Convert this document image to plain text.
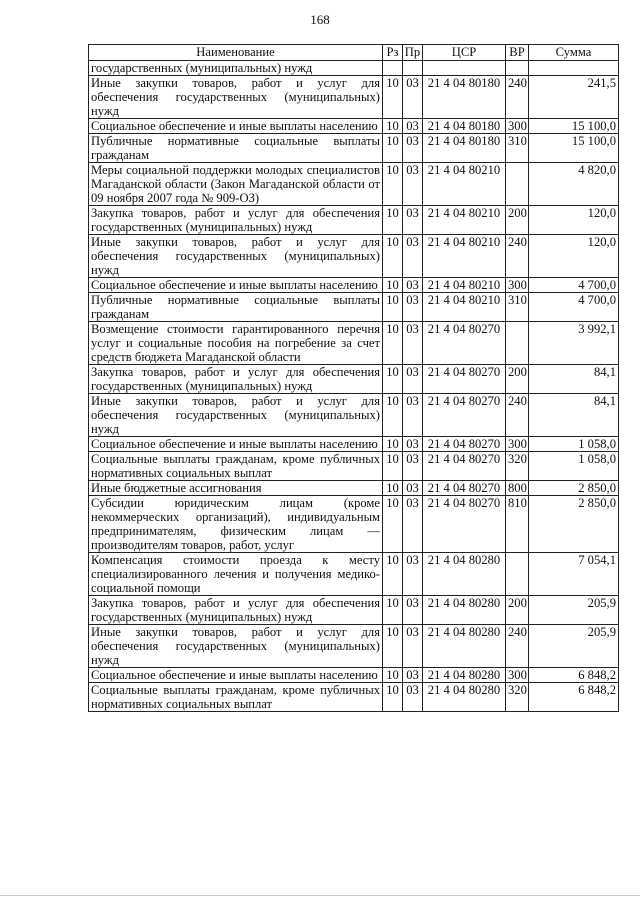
168
Наименование	Рз	Пр	ЦСР	ВР	Сумма
государственных (муниципальных) нужд					
Иные закупки товаров, работ и услуг для обеспечения государственных (муниципальных) нужд	10	03	21 4 04 80180	240	241,5
Социальное обеспечение и иные выплаты населению	10	03	21 4 04 80180	300	15 100,0
Публичные нормативные социальные выплаты гражданам	10	03	21 4 04 80180	310	15 100,0
Меры социальной поддержки молодых специалистов Магаданской области (Закон Магаданской области от 09 ноября 2007 года № 909-ОЗ)	10	03	21 4 04 80210		4 820,0
Закупка товаров, работ и услуг для обеспечения государственных (муниципальных) нужд	10	03	21 4 04 80210	200	120,0
Иные закупки товаров, работ и услуг для обеспечения государственных (муниципальных) нужд	10	03	21 4 04 80210	240	120,0
Социальное обеспечение и иные выплаты населению	10	03	21 4 04 80210	300	4 700,0
Публичные нормативные социальные выплаты гражданам	10	03	21 4 04 80210	310	4 700,0
Возмещение стоимости гарантированного перечня услуг и социальные пособия на погребение за счет средств бюджета Магаданской области	10	03	21 4 04 80270		3 992,1
Закупка товаров, работ и услуг для обеспечения государственных (муниципальных) нужд	10	03	21 4 04 80270	200	84,1
Иные закупки товаров, работ и услуг для обеспечения государственных (муниципальных) нужд	10	03	21 4 04 80270	240	84,1
Социальное обеспечение и иные выплаты населению	10	03	21 4 04 80270	300	1 058,0
Социальные выплаты гражданам, кроме публичных нормативных социальных выплат	10	03	21 4 04 80270	320	1 058,0
Иные бюджетные ассигнования	10	03	21 4 04 80270	800	2 850,0
Субсидии юридическим лицам (кроме некоммерческих организаций), индивидуальным предпринимателям, физическим лицам — производителям товаров, работ, услуг	10	03	21 4 04 80270	810	2 850,0
Компенсация стоимости проезда к месту специализированного лечения и получения медико-социальной помощи	10	03	21 4 04 80280		7 054,1
Закупка товаров, работ и услуг для обеспечения государственных (муниципальных) нужд	10	03	21 4 04 80280	200	205,9
Иные закупки товаров, работ и услуг для обеспечения государственных (муниципальных) нужд	10	03	21 4 04 80280	240	205,9
Социальное обеспечение и иные выплаты населению	10	03	21 4 04 80280	300	6 848,2
Социальные выплаты гражданам, кроме публичных нормативных социальных выплат	10	03	21 4 04 80280	320	6 848,2
